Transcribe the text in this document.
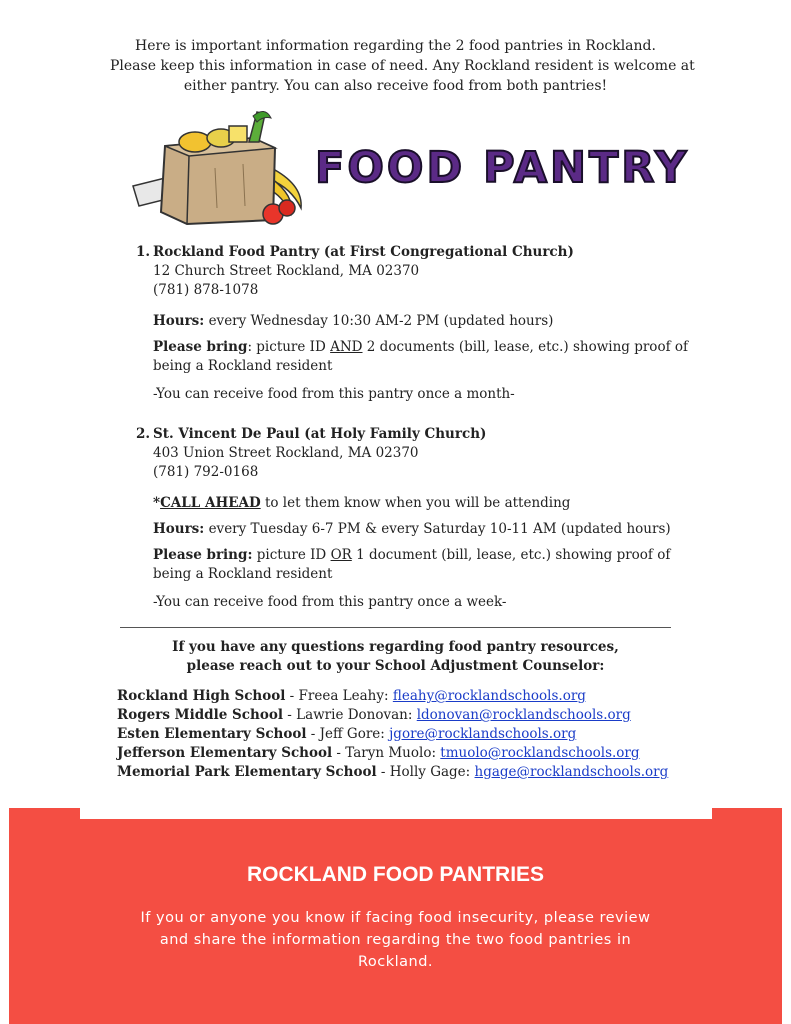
Here is important information regarding the 2 food pantries in Rockland.
Please keep this information in case of need. Any Rockland resident is welcome at
either pantry. You can also receive food from both pantries!
FOOD PANTRY
1. Rockland Food Pantry (at First Congregational Church)
12 Church Street Rockland, MA 02370
(781) 878-1078
Hours: every Wednesday 10:30 AM-2 PM (updated hours)
Please bring: picture ID AND 2 documents (bill, lease, etc.) showing proof of
being a Rockland resident
-You can receive food from this pantry once a month-
2. St. Vincent De Paul (at Holy Family Church)
403 Union Street Rockland, MA 02370
(781) 792-0168
*CALL AHEAD to let them know when you will be attending
Hours: every Tuesday 6-7 PM & every Saturday 10-11 AM (updated hours)
Please bring: picture ID OR 1 document (bill, lease, etc.) showing proof of
being a Rockland resident
-You can receive food from this pantry once a week-
If you have any questions regarding food pantry resources,
please reach out to your School Adjustment Counselor:
Rockland High School - Freea Leahy: fleahy@rocklandschools.org
Rogers Middle School - Lawrie Donovan: ldonovan@rocklandschools.org
Esten Elementary School - Jeff Gore: jgore@rocklandschools.org
Jefferson Elementary School - Taryn Muolo: tmuolo@rocklandschools.org
Memorial Park Elementary School - Holly Gage: hgage@rocklandschools.org
ROCKLAND FOOD PANTRIES
If you or anyone you know if facing food insecurity, please review
and share the information regarding the two food pantries in
Rockland.
